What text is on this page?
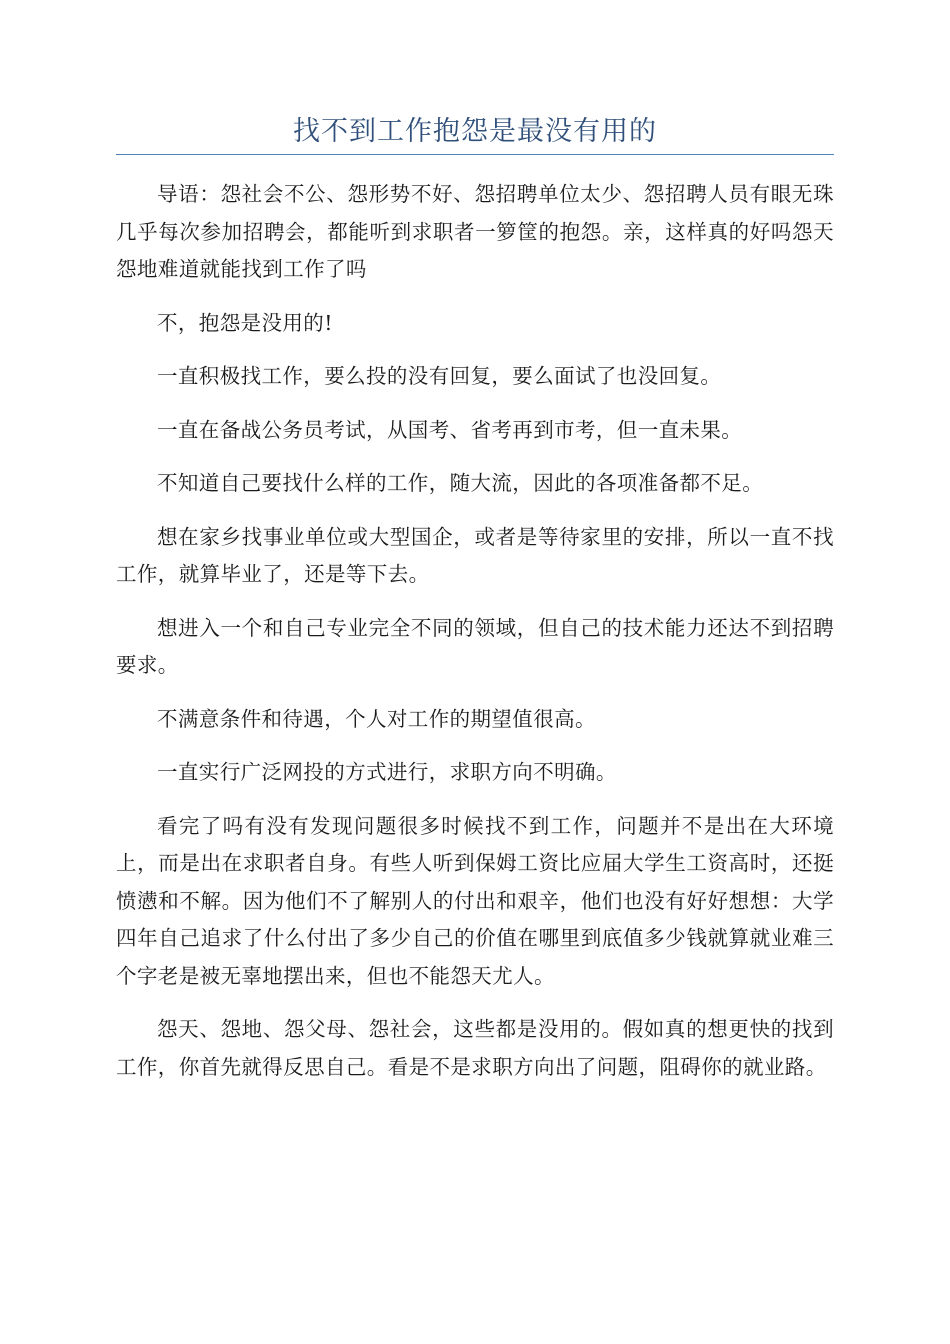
找不到工作抱怨是最没有用的

导语：怨社会不公、怨形势不好、怨招聘单位太少、怨招聘人员有眼无珠几乎每次参加招聘会，都能听到求职者一箩筐的抱怨。亲，这样真的好吗怨天怨地难道就能找到工作了吗

不，抱怨是没用的!

一直积极找工作，要么投的没有回复，要么面试了也没回复。

一直在备战公务员考试，从国考、省考再到市考，但一直未果。

不知道自己要找什么样的工作，随大流，因此的各项准备都不足。

想在家乡找事业单位或大型国企，或者是等待家里的安排，所以一直不找工作，就算毕业了，还是等下去。

想进入一个和自己专业完全不同的领域，但自己的技术能力还达不到招聘要求。

不满意条件和待遇，个人对工作的期望值很高。

一直实行广泛网投的方式进行，求职方向不明确。

看完了吗有没有发现问题很多时候找不到工作，问题并不是出在大环境上，而是出在求职者自身。有些人听到保姆工资比应届大学生工资高时，还挺愤懑和不解。因为他们不了解别人的付出和艰辛，他们也没有好好想想：大学四年自己追求了什么付出了多少自己的价值在哪里到底值多少钱就算就业难三个字老是被无辜地摆出来，但也不能怨天尤人。

怨天、怨地、怨父母、怨社会，这些都是没用的。假如真的想更快的找到工作，你首先就得反思自己。看是不是求职方向出了问题，阻碍你的就业路。
